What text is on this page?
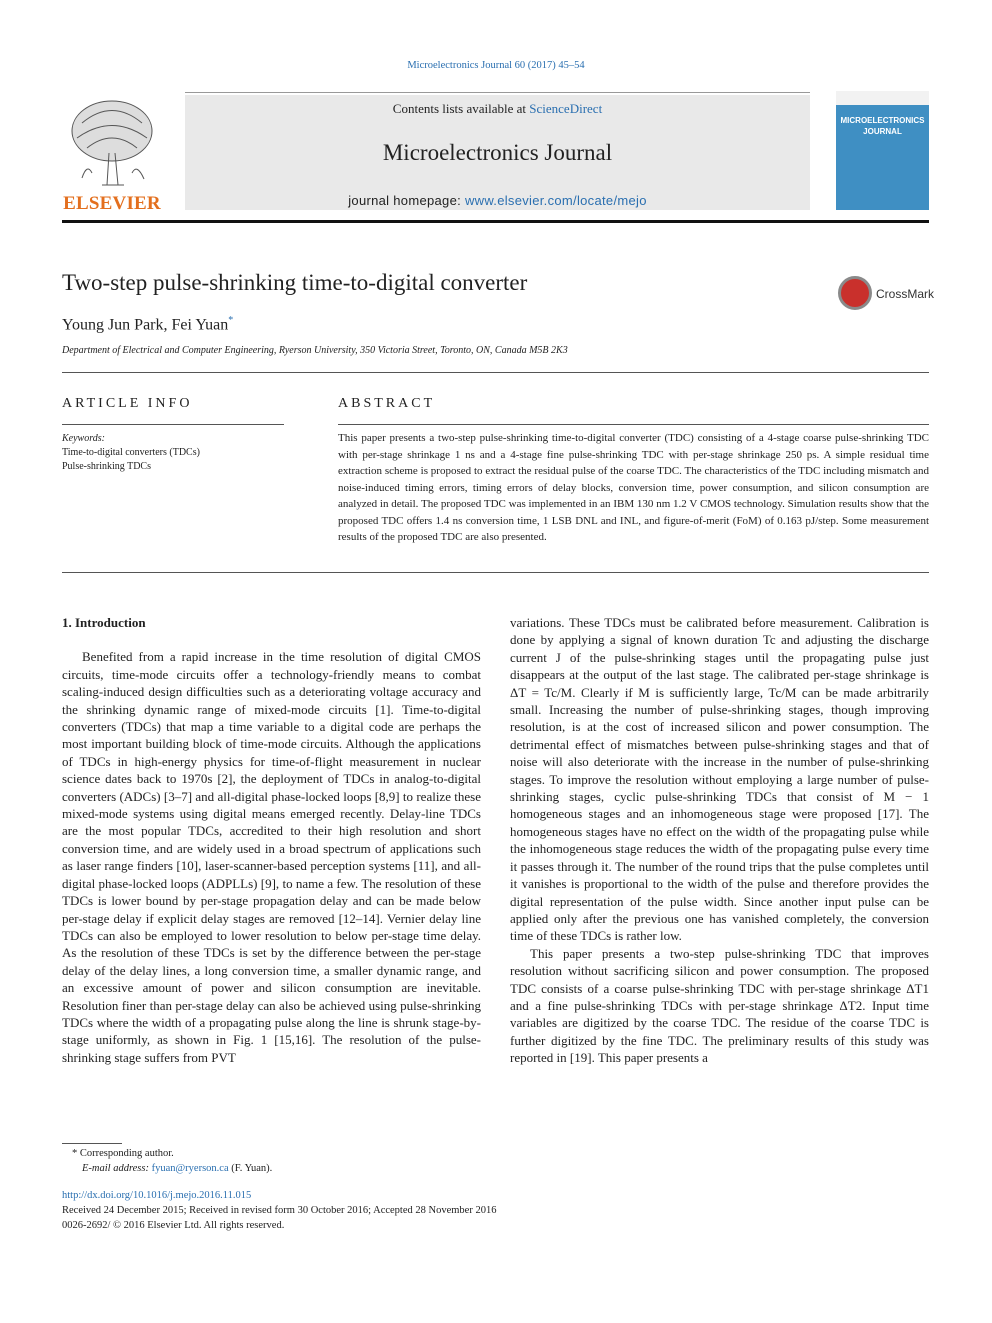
Microelectronics Journal 60 (2017) 45–54
ELSEVIER
Contents lists available at ScienceDirect
Microelectronics Journal
journal homepage: www.elsevier.com/locate/mejo
MICROELECTRONICS JOURNAL
Two-step pulse-shrinking time-to-digital converter	CrossMark
Young Jun Park, Fei Yuan*
Department of Electrical and Computer Engineering, Ryerson University, 350 Victoria Street, Toronto, ON, Canada M5B 2K3
ARTICLE INFO
Keywords:
Time-to-digital converters (TDCs)
Pulse-shrinking TDCs
ABSTRACT
This paper presents a two-step pulse-shrinking time-to-digital converter (TDC) consisting of a 4-stage coarse pulse-shrinking TDC with per-stage shrinkage 1 ns and a 4-stage fine pulse-shrinking TDC with per-stage shrinkage 250 ps. A simple residual time extraction scheme is proposed to extract the residual pulse of the coarse TDC. The characteristics of the TDC including mismatch and noise-induced timing errors, timing errors of delay blocks, conversion time, power consumption, and silicon consumption are analyzed in detail. The proposed TDC was implemented in an IBM 130 nm 1.2 V CMOS technology. Simulation results show that the proposed TDC offers 1.4 ns conversion time, 1 LSB DNL and INL, and figure-of-merit (FoM) of 0.163 pJ/step. Some measurement results of the proposed TDC are also presented.

1. Introduction

Benefited from a rapid increase in the time resolution of digital CMOS circuits, time-mode circuits offer a technology-friendly means to combat scaling-induced design difficulties such as a deteriorating voltage accuracy and the shrinking dynamic range of mixed-mode circuits [1]. Time-to-digital converters (TDCs) that map a time variable to a digital code are perhaps the most important building block of time-mode circuits. Although the applications of TDCs in high-energy physics for time-of-flight measurement in nuclear science dates back to 1970s [2], the deployment of TDCs in analog-to-digital converters (ADCs) [3–7] and all-digital phase-locked loops [8,9] to realize these mixed-mode systems using digital means emerged recently. Delay-line TDCs are the most popular TDCs, accredited to their high resolution and short conversion time, and are widely used in a broad spectrum of applications such as laser range finders [10], laser-scanner-based perception systems [11], and all-digital phase-locked loops (ADPLLs) [9], to name a few. The resolution of these TDCs is lower bound by per-stage propagation delay and can be made below per-stage delay if explicit delay stages are removed [12–14]. Vernier delay line TDCs can also be employed to lower resolution to below per-stage time delay. As the resolution of these TDCs is set by the difference between the per-stage delay of the delay lines, a long conversion time, a smaller dynamic range, and an excessive amount of power and silicon consumption are inevitable. Resolution finer than per-stage delay can also be achieved using pulse-shrinking TDCs where the width of a propagating pulse along the line is shrunk stage-by-stage uniformly, as shown in Fig. 1 [15,16]. The resolution of the pulse-shrinking stage suffers from PVT

variations. These TDCs must be calibrated before measurement. Calibration is done by applying a signal of known duration Tc and adjusting the discharge current J of the pulse-shrinking stages until the propagating pulse just disappears at the output of the last stage. The calibrated per-stage shrinkage is ΔT = Tc/M. Clearly if M is sufficiently large, Tc/M can be made arbitrarily small. Increasing the number of pulse-shrinking stages, though improving resolution, is at the cost of increased silicon and power consumption. The detrimental effect of mismatches between pulse-shrinking stages and that of noise will also deteriorate with the increase in the number of pulse-shrinking stages. To improve the resolution without employing a large number of pulse-shrinking stages, cyclic pulse-shrinking TDCs that consist of M − 1 homogeneous stages and an inhomogeneous stage were proposed [17]. The homogeneous stages have no effect on the width of the propagating pulse while the inhomogeneous stage reduces the width of the propagating pulse every time it passes through it. The number of the round trips that the pulse completes until it vanishes is proportional to the width of the pulse and therefore provides the digital representation of the pulse width. Since another input pulse can be applied only after the previous one has vanished completely, the conversion time of these TDCs is rather low.

This paper presents a two-step pulse-shrinking TDC that improves resolution without sacrificing silicon and power consumption. The proposed TDC consists of a coarse pulse-shrinking TDC with per-stage shrinkage ΔT1 and a fine pulse-shrinking TDCs with per-stage shrinkage ΔT2. Input time variables are digitized by the coarse TDC. The residue of the coarse TDC is further digitized by the fine TDC. The preliminary results of this study was reported in [19]. This paper presents a

* Corresponding author.
E-mail address: fyuan@ryerson.ca (F. Yuan).
http://dx.doi.org/10.1016/j.mejo.2016.11.015
Received 24 December 2015; Received in revised form 30 October 2016; Accepted 28 November 2016
0026-2692/ © 2016 Elsevier Ltd. All rights reserved.
